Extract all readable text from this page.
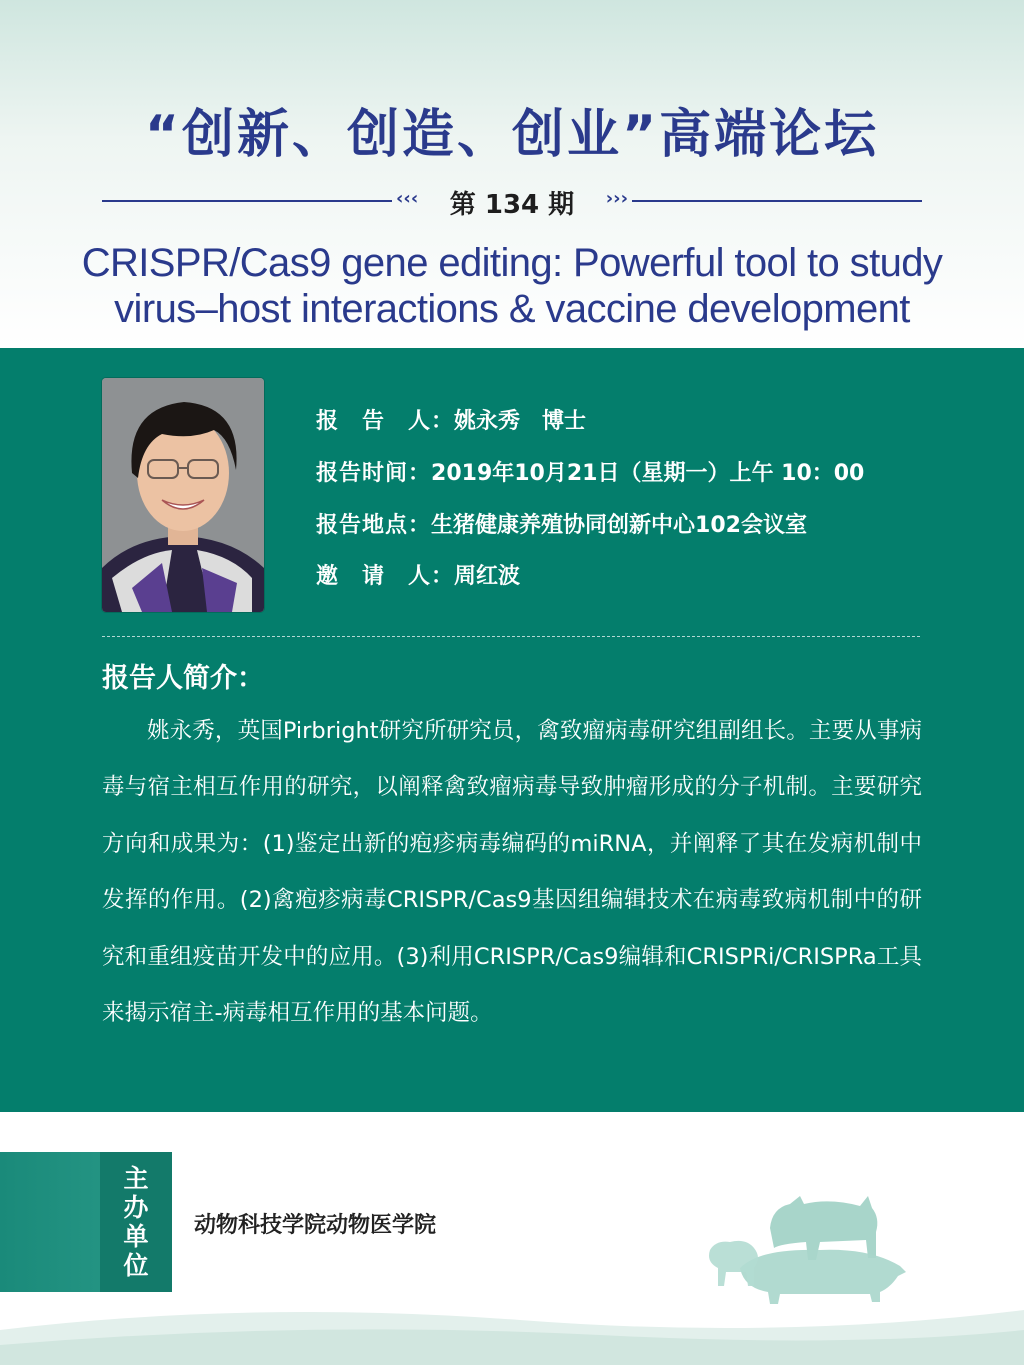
“创新、创造、创业”高端论坛
‹‹‹	第 134 期	›››
CRISPR/Cas9 gene editing: Powerful tool to study
virus–host interactions & vaccine development
报　告　人：姚永秀　博士
报告时间：2019年10月21日（星期一）上午 10：00
报告地点：生猪健康养殖协同创新中心102会议室
邀　请　人：周红波
报告人简介：

姚永秀，英国Pirbright研究所研究员，禽致瘤病毒研究组副组长。主要从事病毒与宿主相互作用的研究，以阐释禽致瘤病毒导致肿瘤形成的分子机制。主要研究方向和成果为：(1)鉴定出新的疱疹病毒编码的miRNA，并阐释了其在发病机制中发挥的作用。(2)禽疱疹病毒CRISPR/Cas9基因组编辑技术在病毒致病机制中的研究和重组疫苗开发中的应用。(3)利用CRISPR/Cas9编辑和CRISPRi/CRISPRa工具来揭示宿主-病毒相互作用的基本问题。

主
办
单
位
动物科技学院动物医学院
